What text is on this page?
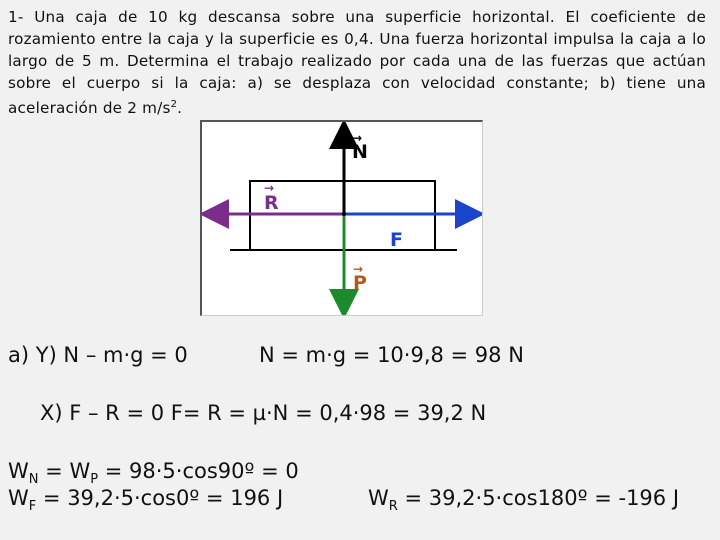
1- Una caja de 10 kg descansa sobre una superficie horizontal. El coeficiente de rozamiento entre la caja y la superficie es 0,4. Una fuerza horizontal impulsa la caja a lo largo de 5 m. Determina el trabajo realizado por cada una de las fuerzas que actúan sobre el cuerpo si la caja: a) se desplaza con velocidad constante; b) tiene una aceleración de 2 $m/s^2$.
→
N
→
R
F
→
P
a) Y) N – m·g = 0	N = m·g = 10·9,8 = 98 N
X) F – R = 0 F= R = µ·N = 0,4·98 = 39,2 N
$W_N = W_P$ = 98·5·cos90º = 0
$W_F$ = 39,2·5·cos0º = 196 J	$W_R$ = 39,2·5·cos180º = -196 J
